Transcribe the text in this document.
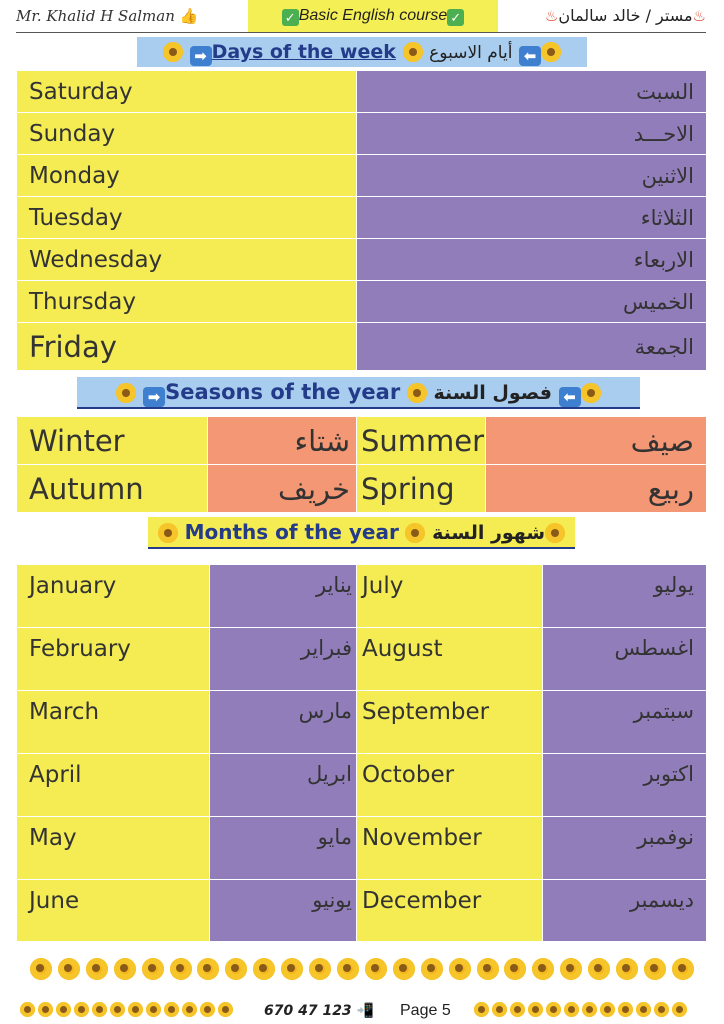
Mr. Khalid H Salman 👍	✓ Basic English course ✓	♨مستر / خالد سالمان♨
➡ Days of the week أيام الاسبوع ⬅
Saturday	السبت
Sunday	الاحـــد
Monday	الاثنين
Tuesday	الثلاثاء
Wednesday	الاربعاء
Thursday	الخميس
Friday	الجمعة
➡ Seasons of the year فصول السنة ⬅
Winter	شتاء	Summer	صيف
Autumn	خريف	Spring	ربيع
Months of the year شهور السنة
January	يناير	July	يوليو
February	فبراير	August	اغسطس
March	مارس	September	سبتمبر
April	ابريل	October	اكتوبر
May	مايو	November	نوفمبر
June	يونيو	December	ديسمبر
670 47 123 📲 Page 5
